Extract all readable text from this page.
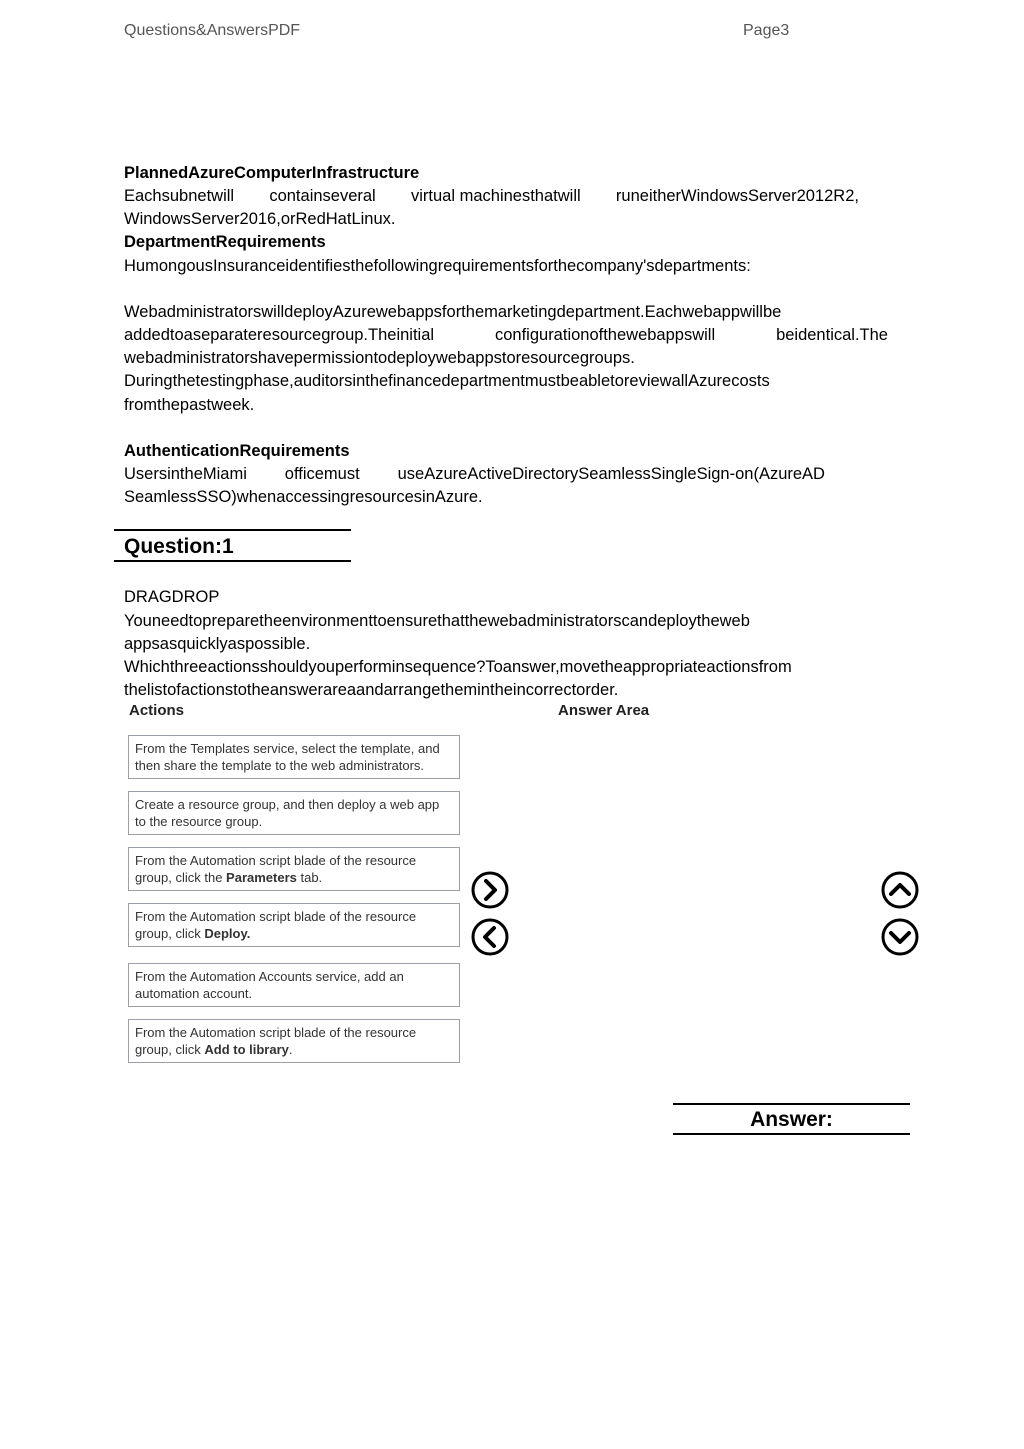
Questions&AnswersPDF	Page3
PlannedAzureComputerInfrastructure
Eachsubnetwill containseveral virtual machinesthatwill runeitherWindowsServer2012R2,
WindowsServer2016,orRedHatLinux.
DepartmentRequirements
HumongousInsuranceidentifiesthefollowingrequirementsforthecompany'sdepartments:
Webadministratorswilldeploy​Azurewebappsforthemarketingdepartment.Eachwebappwillbe
addedtoaseparateresourcegroup.Theinitial	configurationofthewebappswill	beidentical.The
webadministratorshavepermissiontodeploywebappstoresourcegroups.
Duringthetestingphase,auditorsinthefinancedepartmentmustbeabletoreviewallAzurecosts
fromthepastweek.
AuthenticationRequirements
UsersintheMiami officemust useAzureActiveDirectorySeamlessSingleSign-on(AzureAD
SeamlessSSO)whenaccessingresourcesinAzure.
Question:1
DRAGDROP
Youneedtopreparetheenvironmenttoensurethatthewebadministratorscandeploytheweb
appsasquicklyaspossible.
Whichthreeactionsshouldyouperforminsequence?Toanswer,movetheappropriateactionsfrom
thelistofactionstotheanswerareaandarrangethemintheincorrectorder.
Actions	Answer Area
From the Templates service, select the template, and then share the template to the web administrators.
Create a resource group, and then deploy a web app to the resource group.
From the Automation script blade of the resource group, click the Parameters tab.
From the Automation script blade of the resource group, click Deploy.
From the Automation Accounts service, add an automation account.
From the Automation script blade of the resource group, click Add to library.
Answer:
